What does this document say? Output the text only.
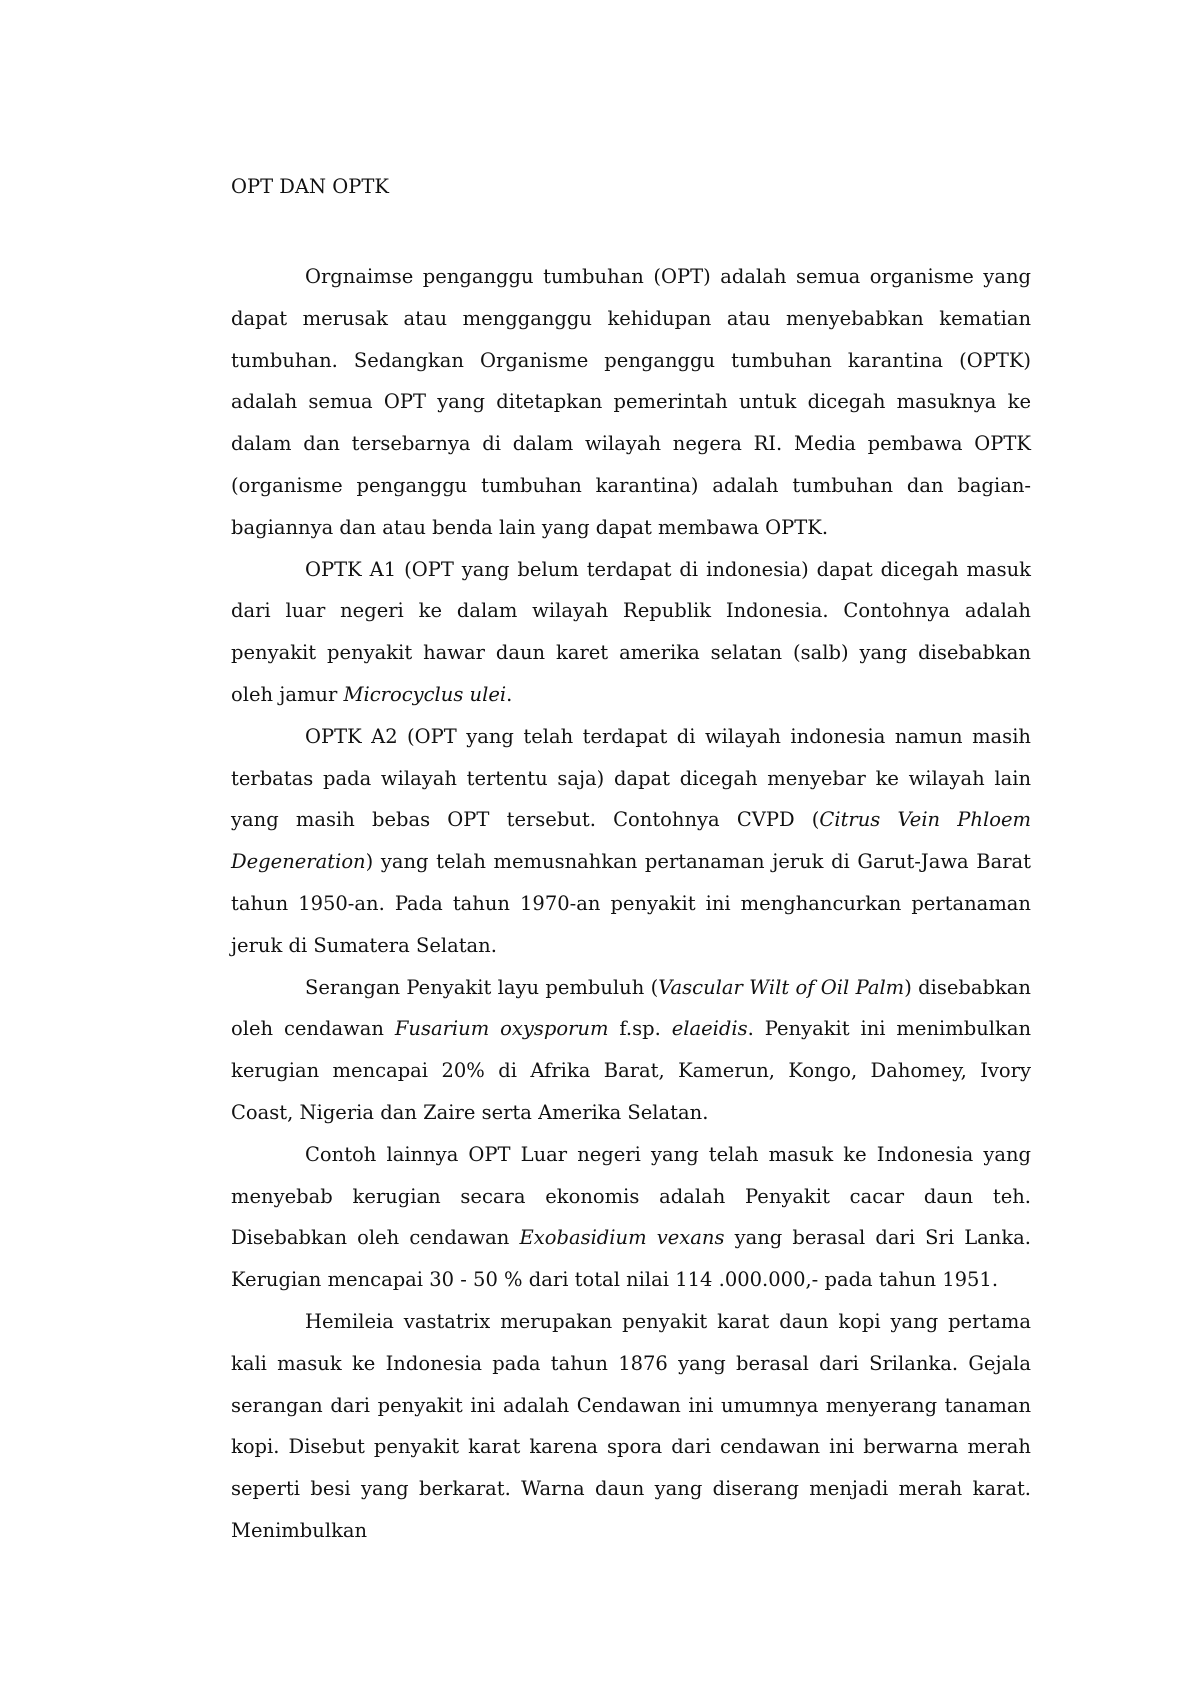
OPT DAN OPTK

Orgnaimse penganggu tumbuhan (OPT) adalah semua organisme yang dapat merusak atau mengganggu kehidupan atau menyebabkan kematian tumbuhan. Sedangkan Organisme penganggu tumbuhan karantina (OPTK) adalah semua OPT yang ditetapkan pemerintah untuk dicegah masuknya ke dalam dan tersebarnya di dalam wilayah negera RI. Media pembawa OPTK (organisme penganggu tumbuhan karantina) adalah tumbuhan dan bagian-bagiannya dan atau benda lain yang dapat membawa OPTK.

OPTK A1 (OPT yang belum terdapat di indonesia) dapat dicegah masuk dari luar negeri ke dalam wilayah Republik Indonesia. Contohnya adalah penyakit penyakit hawar daun karet amerika selatan (salb) yang disebabkan oleh jamur Microcyclus ulei.

OPTK A2 (OPT yang telah terdapat di wilayah indonesia namun masih terbatas pada wilayah tertentu saja) dapat dicegah menyebar ke wilayah lain yang masih bebas OPT tersebut. Contohnya CVPD (Citrus Vein Phloem Degeneration) yang telah memusnahkan pertanaman jeruk di Garut-Jawa Barat tahun 1950-an. Pada tahun 1970-an penyakit ini menghancurkan pertanaman jeruk di Sumatera Selatan.

Serangan Penyakit layu pembuluh (Vascular Wilt of Oil Palm) disebabkan oleh cendawan Fusarium oxysporum f.sp. elaeidis. Penyakit ini menimbulkan kerugian mencapai 20% di Afrika Barat, Kamerun, Kongo, Dahomey, Ivory Coast, Nigeria dan Zaire serta Amerika Selatan.

Contoh lainnya OPT Luar negeri yang telah masuk ke Indonesia yang menyebab kerugian secara ekonomis adalah Penyakit cacar daun teh. Disebabkan oleh cendawan Exobasidium vexans yang berasal dari Sri Lanka. Kerugian mencapai 30 - 50 % dari total nilai 114 .000.000,- pada tahun 1951.

Hemileia vastatrix merupakan penyakit karat daun kopi yang pertama kali masuk ke Indonesia pada tahun 1876 yang berasal dari Srilanka. Gejala serangan dari penyakit ini adalah Cendawan ini umumnya menyerang tanaman kopi. Disebut penyakit karat karena spora dari cendawan ini berwarna merah seperti besi yang berkarat. Warna daun yang diserang menjadi merah karat. Menimbulkan
